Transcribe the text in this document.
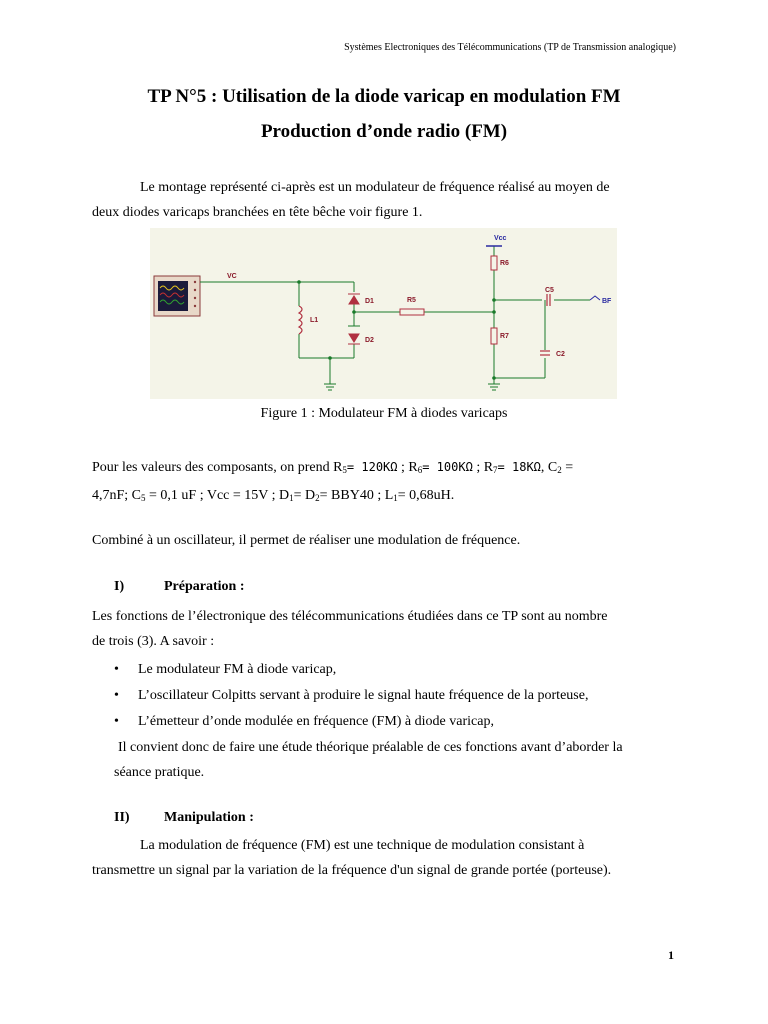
Systèmes Electroniques des Télécommunications (TP de Transmission analogique)
TP N°5 : Utilisation de la diode varicap en modulation FM
Production d’onde radio (FM)

Le montage représenté ci-après est un modulateur de fréquence réalisé au moyen de

deux diodes varicaps branchées en tête bêche voir figure 1.

VC
L1
D1
D2
R5
R6
R7
C5
C2
BF
Vcc
Figure 1 : Modulateur FM à diodes varicaps

Pour les valeurs des composants, on prend $R_5= 120K\Omega$ ; $R_6= 100K\Omega$ ; $R_7= 18K\Omega$, $C_2$ =

4,7nF; $C_5 = 0,1$ uF ; Vcc = 15V ; $D_1= D_2= BBY40$ ; $L_1= 0,68uH$.

Combiné à un oscillateur, il permet de réaliser une modulation de fréquence.

I)	Préparation :

Les fonctions de l’électronique des télécommunications étudiées dans ce TP sont au nombre

de trois (3). A savoir :

• Le modulateur FM à diode varicap,
• L’oscillateur Colpitts servant à produire le signal haute fréquence de la porteuse,
• L’émetteur d’onde modulée en fréquence (FM) à diode varicap,

Il convient donc de faire une étude théorique préalable de ces fonctions avant d’aborder la

séance pratique.

II) Manipulation :

La modulation de fréquence (FM) est une technique de modulation consistant à

transmettre un signal par la variation de la fréquence d'un signal de grande portée (porteuse).

1
